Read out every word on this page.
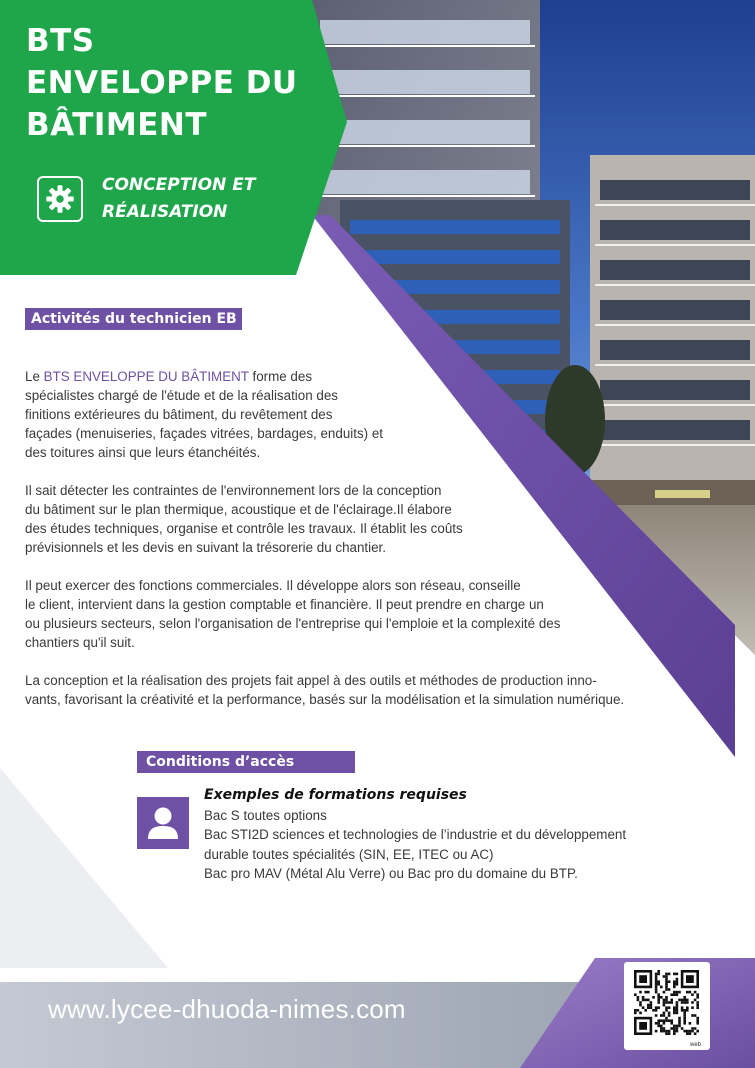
BTS
ENVELOPPE DU
BÂTIMENT
CONCEPTION ET
RÉALISATION
Activités du technicien EB

Le BTS ENVELOPPE DU BÂTIMENT forme des
spécialistes chargé de l'étude et de la réalisation des
finitions extérieures du bâtiment, du revêtement des
façades (menuiseries, façades vitrées, bardages, enduits) et
des toitures ainsi que leurs étanchéités.

Il sait détecter les contraintes de l'environnement lors de la conception
du bâtiment sur le plan thermique, acoustique et de l'éclairage.Il élabore
des études techniques, organise et contrôle les travaux. Il établit les coûts
prévisionnels et les devis en suivant la trésorerie du chantier.

Il peut exercer des fonctions commerciales. Il développe alors son réseau, conseille
le client, intervient dans la gestion comptable et financière. Il peut prendre en charge un
ou plusieurs secteurs, selon l'organisation de l'entreprise qui l'emploie et la complexité des
chantiers qu'il suit.

La conception et la réalisation des projets fait appel à des outils et méthodes de production inno-
vants, favorisant la créativité et la performance, basés sur la modélisation et la simulation numérique.

Conditions d’accès
Exemples de formations requises
Bac S toutes options
Bac STI2D sciences et technologies de l’industrie et du développement
durable toutes spécialités (SIN, EE, ITEC ou AC)
Bac pro MAV (Métal Alu Verre) ou Bac pro du domaine du BTP.
www.lycee-dhuoda-nimes.com
web
